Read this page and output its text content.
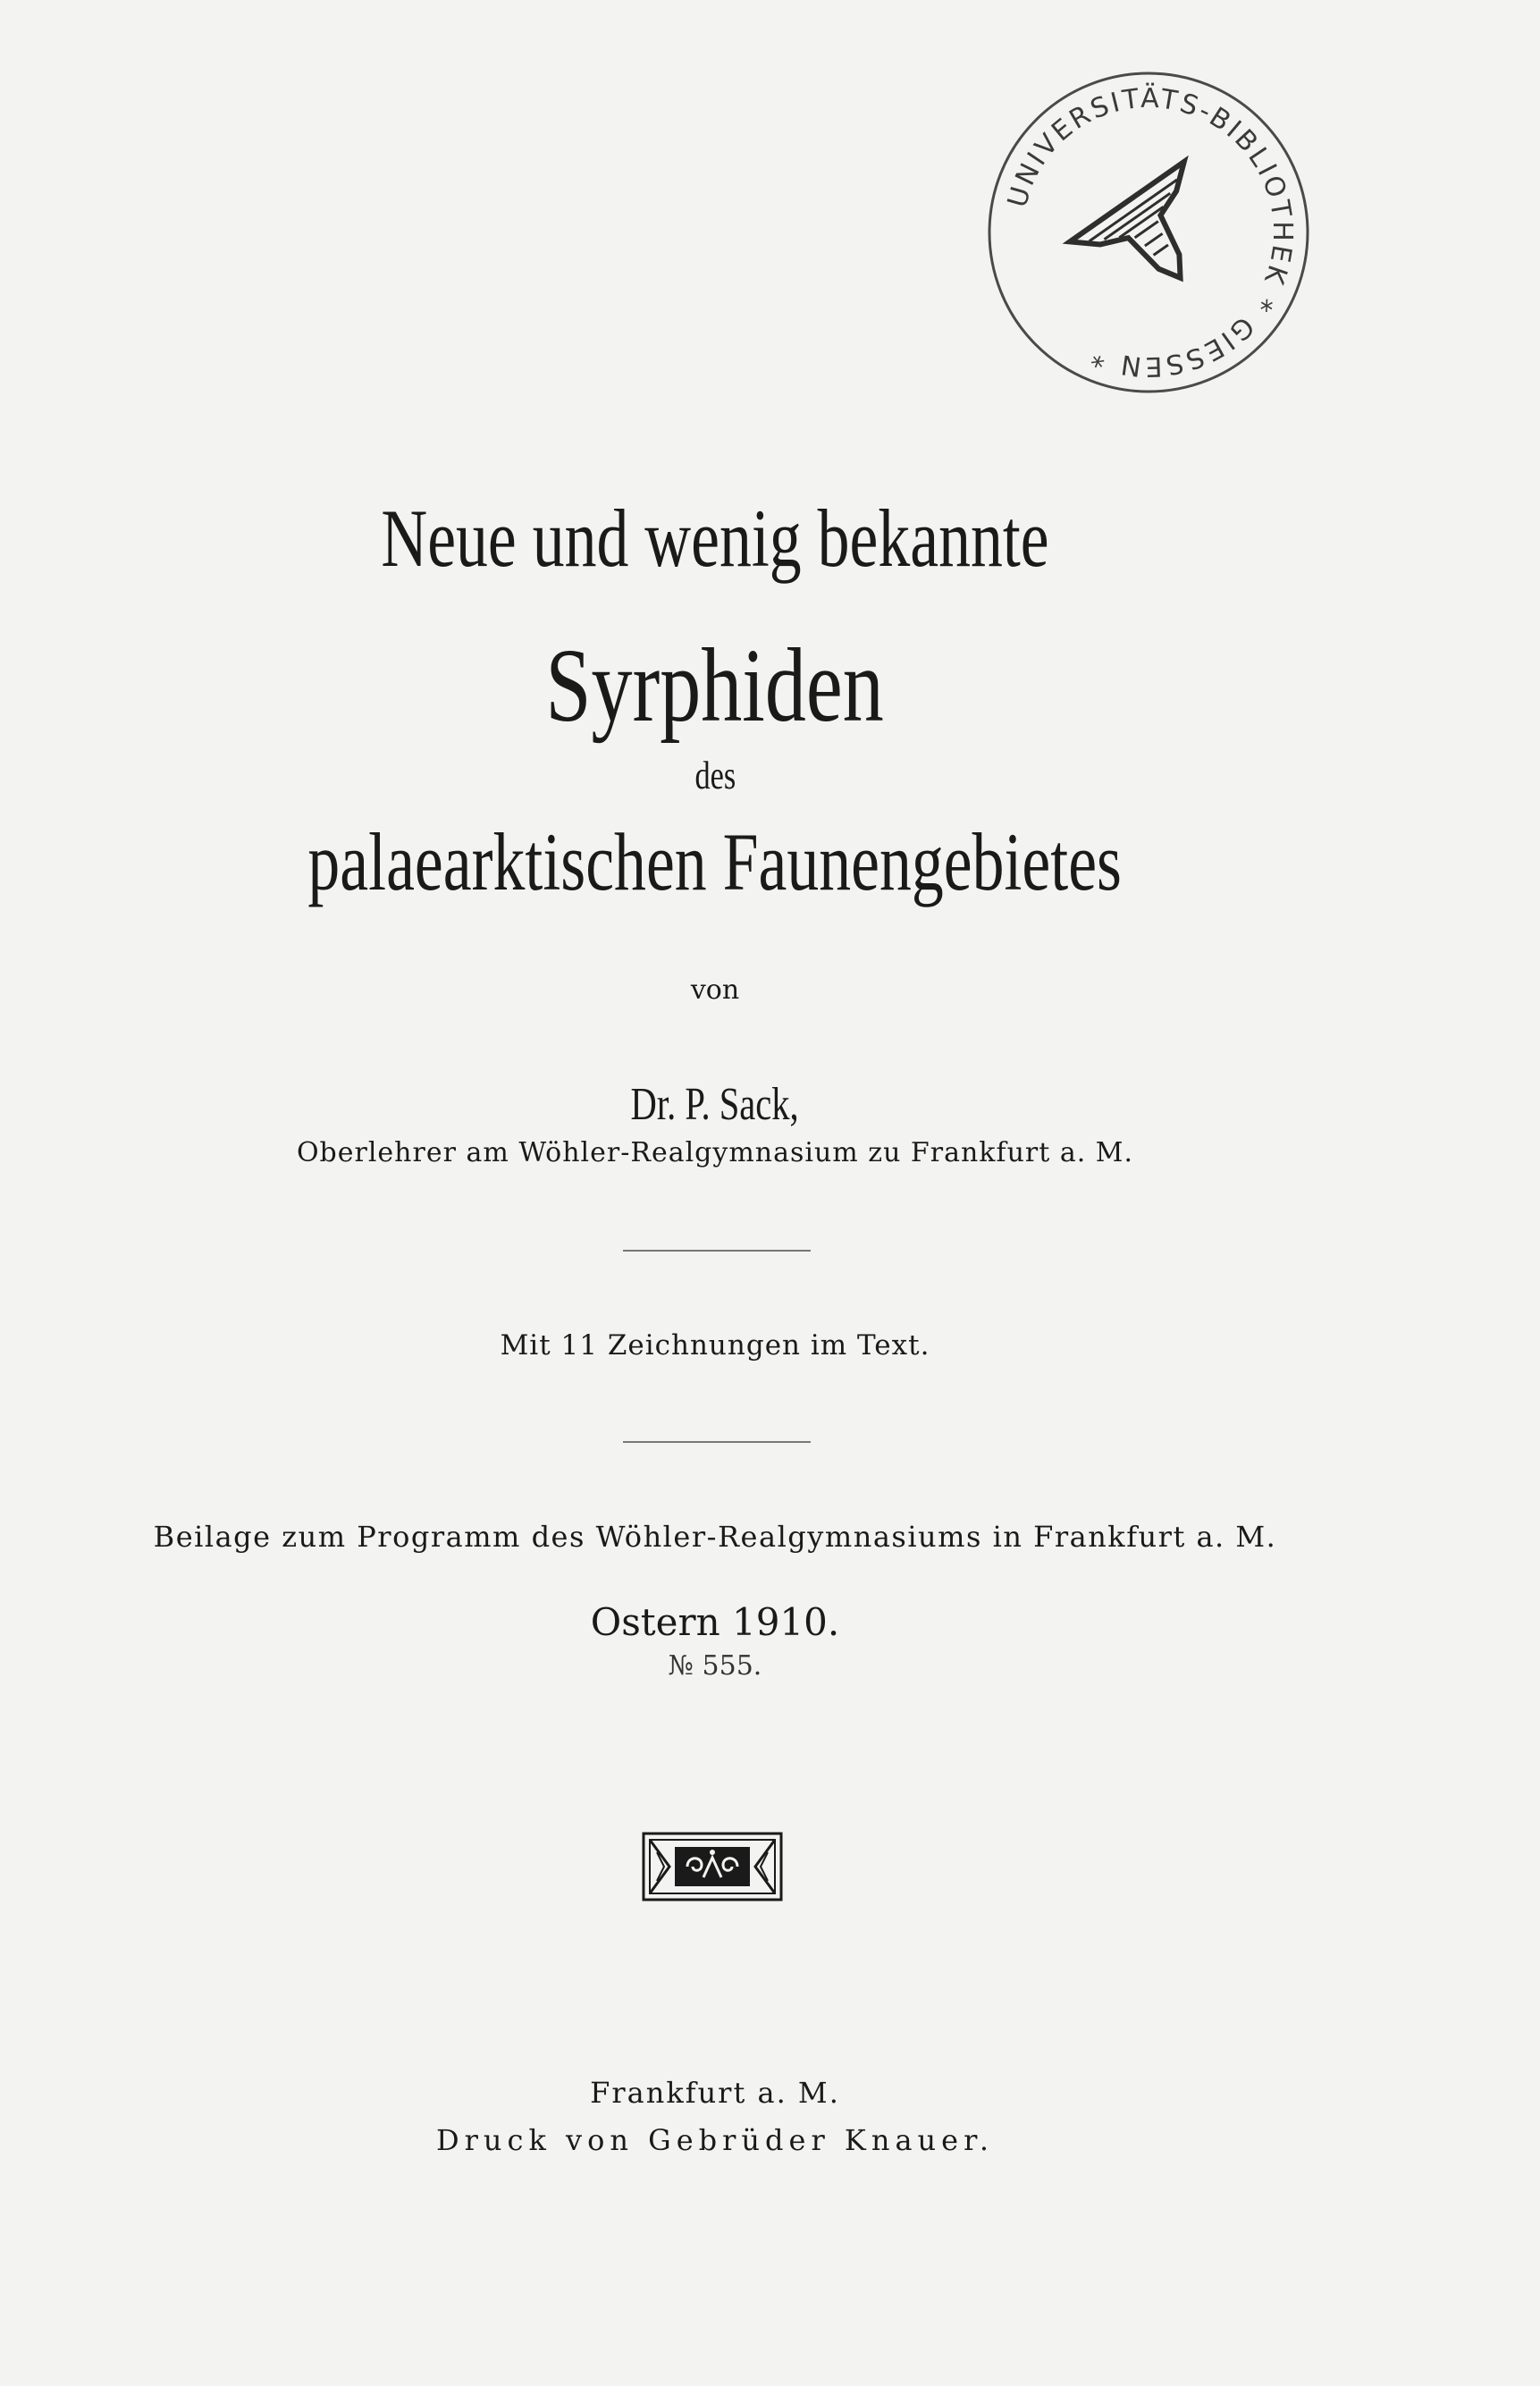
UNIVERSITÄTS-BIBLIOTHEK * GIESSEN *
Neue und wenig bekannte
Syrphiden
des
palaearktischen Faunengebietes
von
Dr. P. Sack,
Oberlehrer am Wöhler-Realgymnasium zu Frankfurt a. M.
Mit 11 Zeichnungen im Text.
Beilage zum Programm des Wöhler-Realgymnasiums in Frankfurt a. M.
Ostern 1910.
№ 555.
Frankfurt a. M.
Druck von Gebrüder Knauer.
